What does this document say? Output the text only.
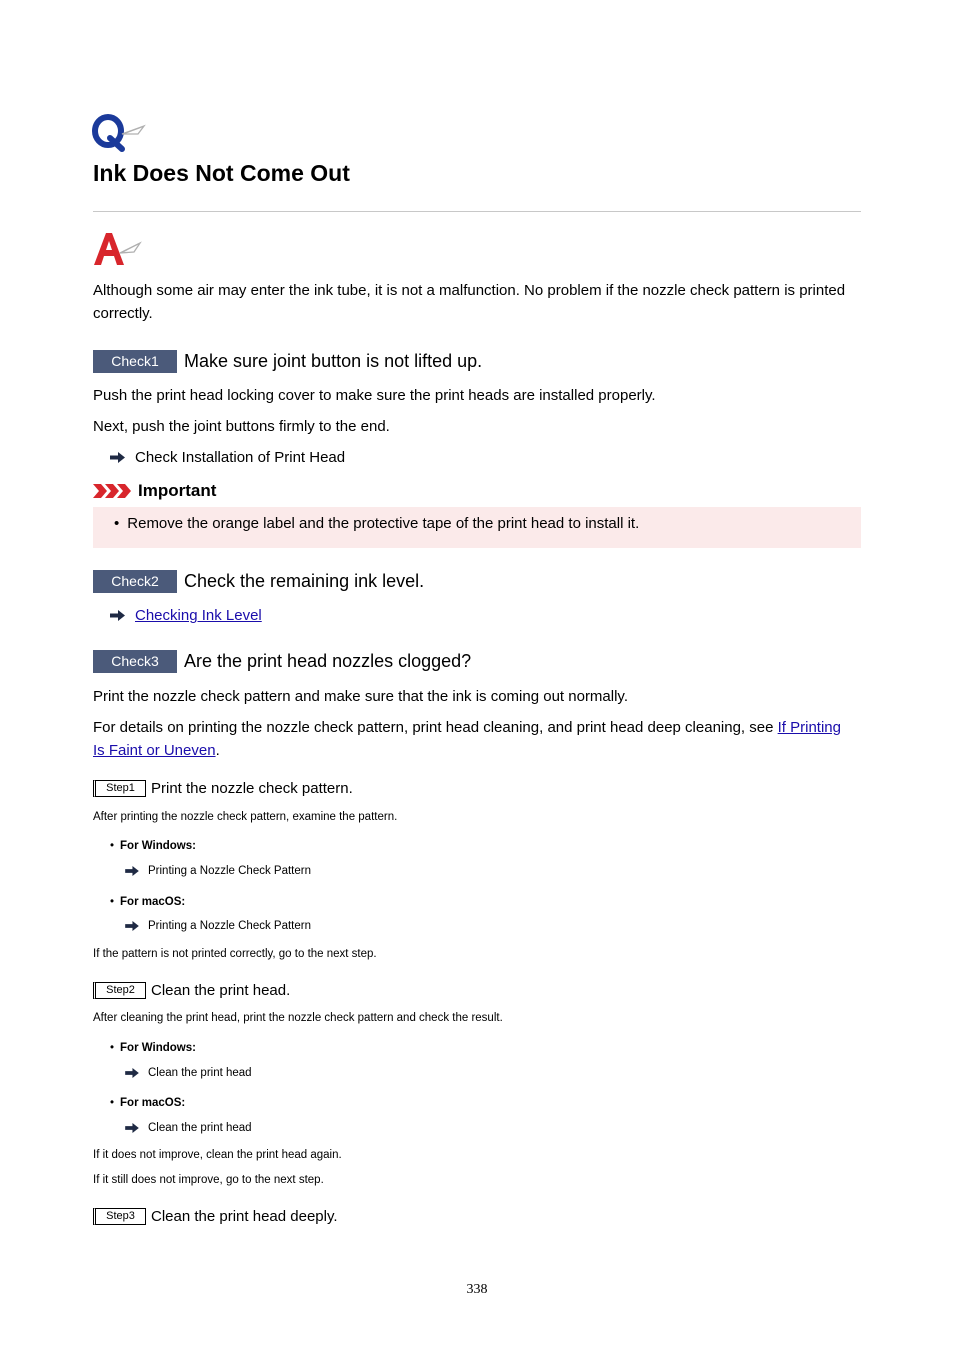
Ink Does Not Come Out

Although some air may enter the ink tube, it is not a malfunction. No problem if the nozzle check pattern is printed correctly.

Check1	Make sure joint button is not lifted up.

Push the print head locking cover to make sure the print heads are installed properly.

Next, push the joint buttons firmly to the end.

Check Installation of Print Head
Important
• Remove the orange label and the protective tape of the print head to install it.
Check2	Check the remaining ink level.
Checking Ink Level
Check3	Are the print head nozzles clogged?

Print the nozzle check pattern and make sure that the ink is coming out normally.

For details on printing the nozzle check pattern, print head cleaning, and print head deep cleaning, see If Printing
Is Faint or Uneven.

Step1	Print the nozzle check pattern.

After printing the nozzle check pattern, examine the pattern.

• For Windows:
Printing a Nozzle Check Pattern
• For macOS:
Printing a Nozzle Check Pattern

If the pattern is not printed correctly, go to the next step.

Step2	Clean the print head.

After cleaning the print head, print the nozzle check pattern and check the result.

• For Windows:
Clean the print head
• For macOS:
Clean the print head

If it does not improve, clean the print head again.

If it still does not improve, go to the next step.

Step3	Clean the print head deeply.
338
